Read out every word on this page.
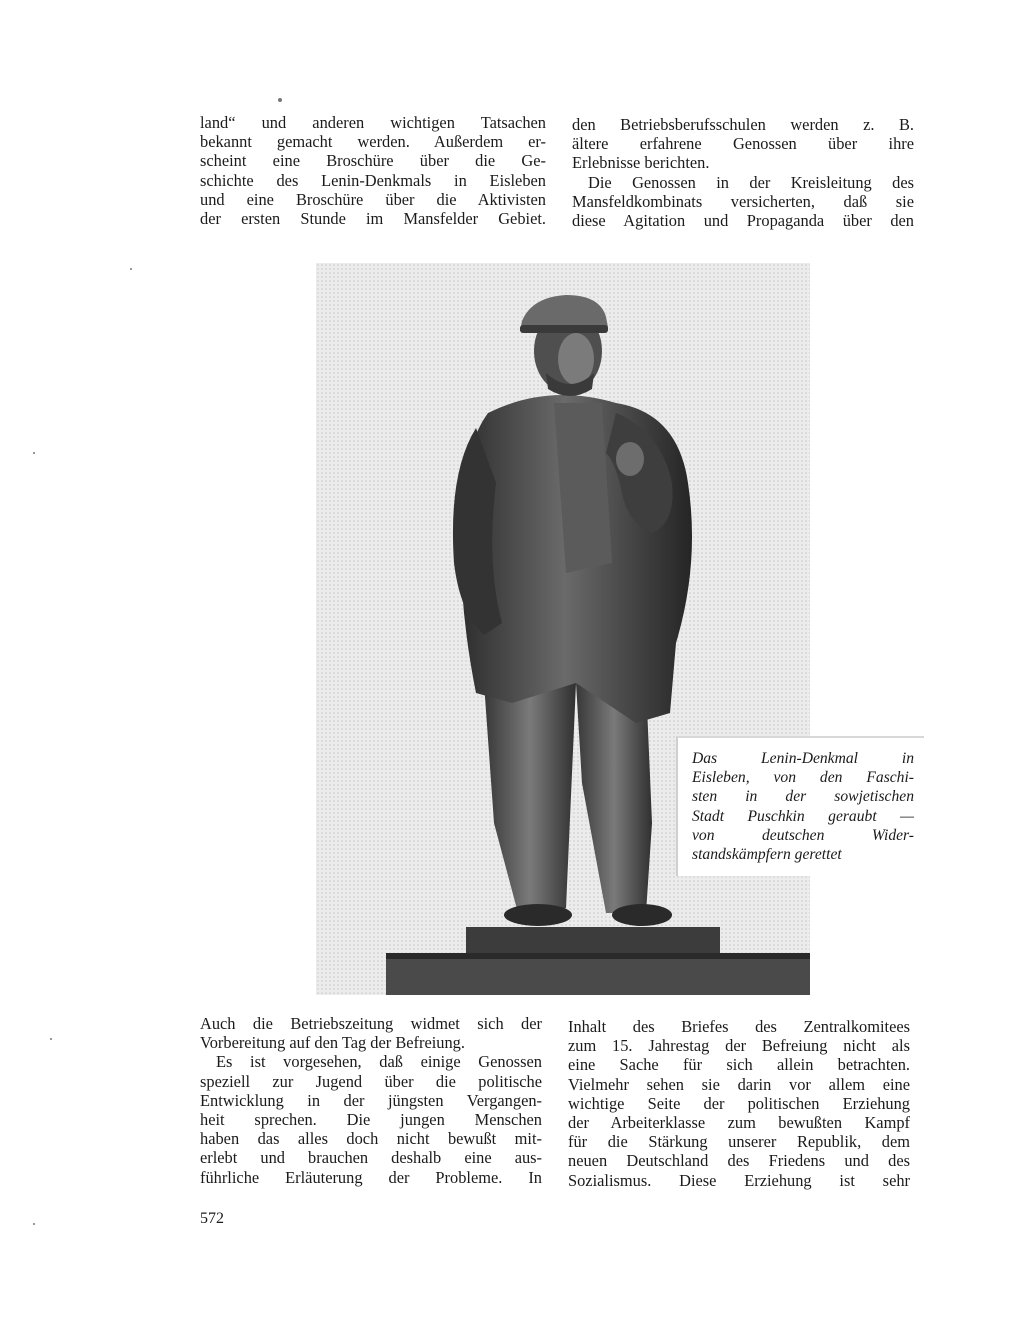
land“ und anderen wichtigen Tatsachen
bekannt gemacht werden. Außerdem er-
scheint eine Broschüre über die Ge-
schichte des Lenin-Denkmals in Eisleben
und eine Broschüre über die Aktivisten
der ersten Stunde im Mansfelder Gebiet.
den Betriebsberufsschulen werden z. B.
ältere erfahrene Genossen über ihre
Erlebnisse berichten.
Die Genossen in der Kreisleitung des
Mansfeldkombinats versicherten, daß sie
diese Agitation und Propaganda über den
Das Lenin-Denkmal in
Eisleben, von den Faschi-
sten in der sowjetischen
Stadt Puschkin geraubt —
von deutschen Wider-
standskämpfern gerettet
Auch die Betriebszeitung widmet sich der
Vorbereitung auf den Tag der Befreiung.
Es ist vorgesehen, daß einige Genossen
speziell zur Jugend über die politische
Entwicklung in der jüngsten Vergangen-
heit sprechen. Die jungen Menschen
haben das alles doch nicht bewußt mit-
erlebt und brauchen deshalb eine aus-
führliche Erläuterung der Probleme. In
Inhalt des Briefes des Zentralkomitees
zum 15. Jahrestag der Befreiung nicht als
eine Sache für sich allein betrachten.
Vielmehr sehen sie darin vor allem eine
wichtige Seite der politischen Erziehung
der Arbeiterklasse zum bewußten Kampf
für die Stärkung unserer Republik, dem
neuen Deutschland des Friedens und des
Sozialismus. Diese Erziehung ist sehr
572
